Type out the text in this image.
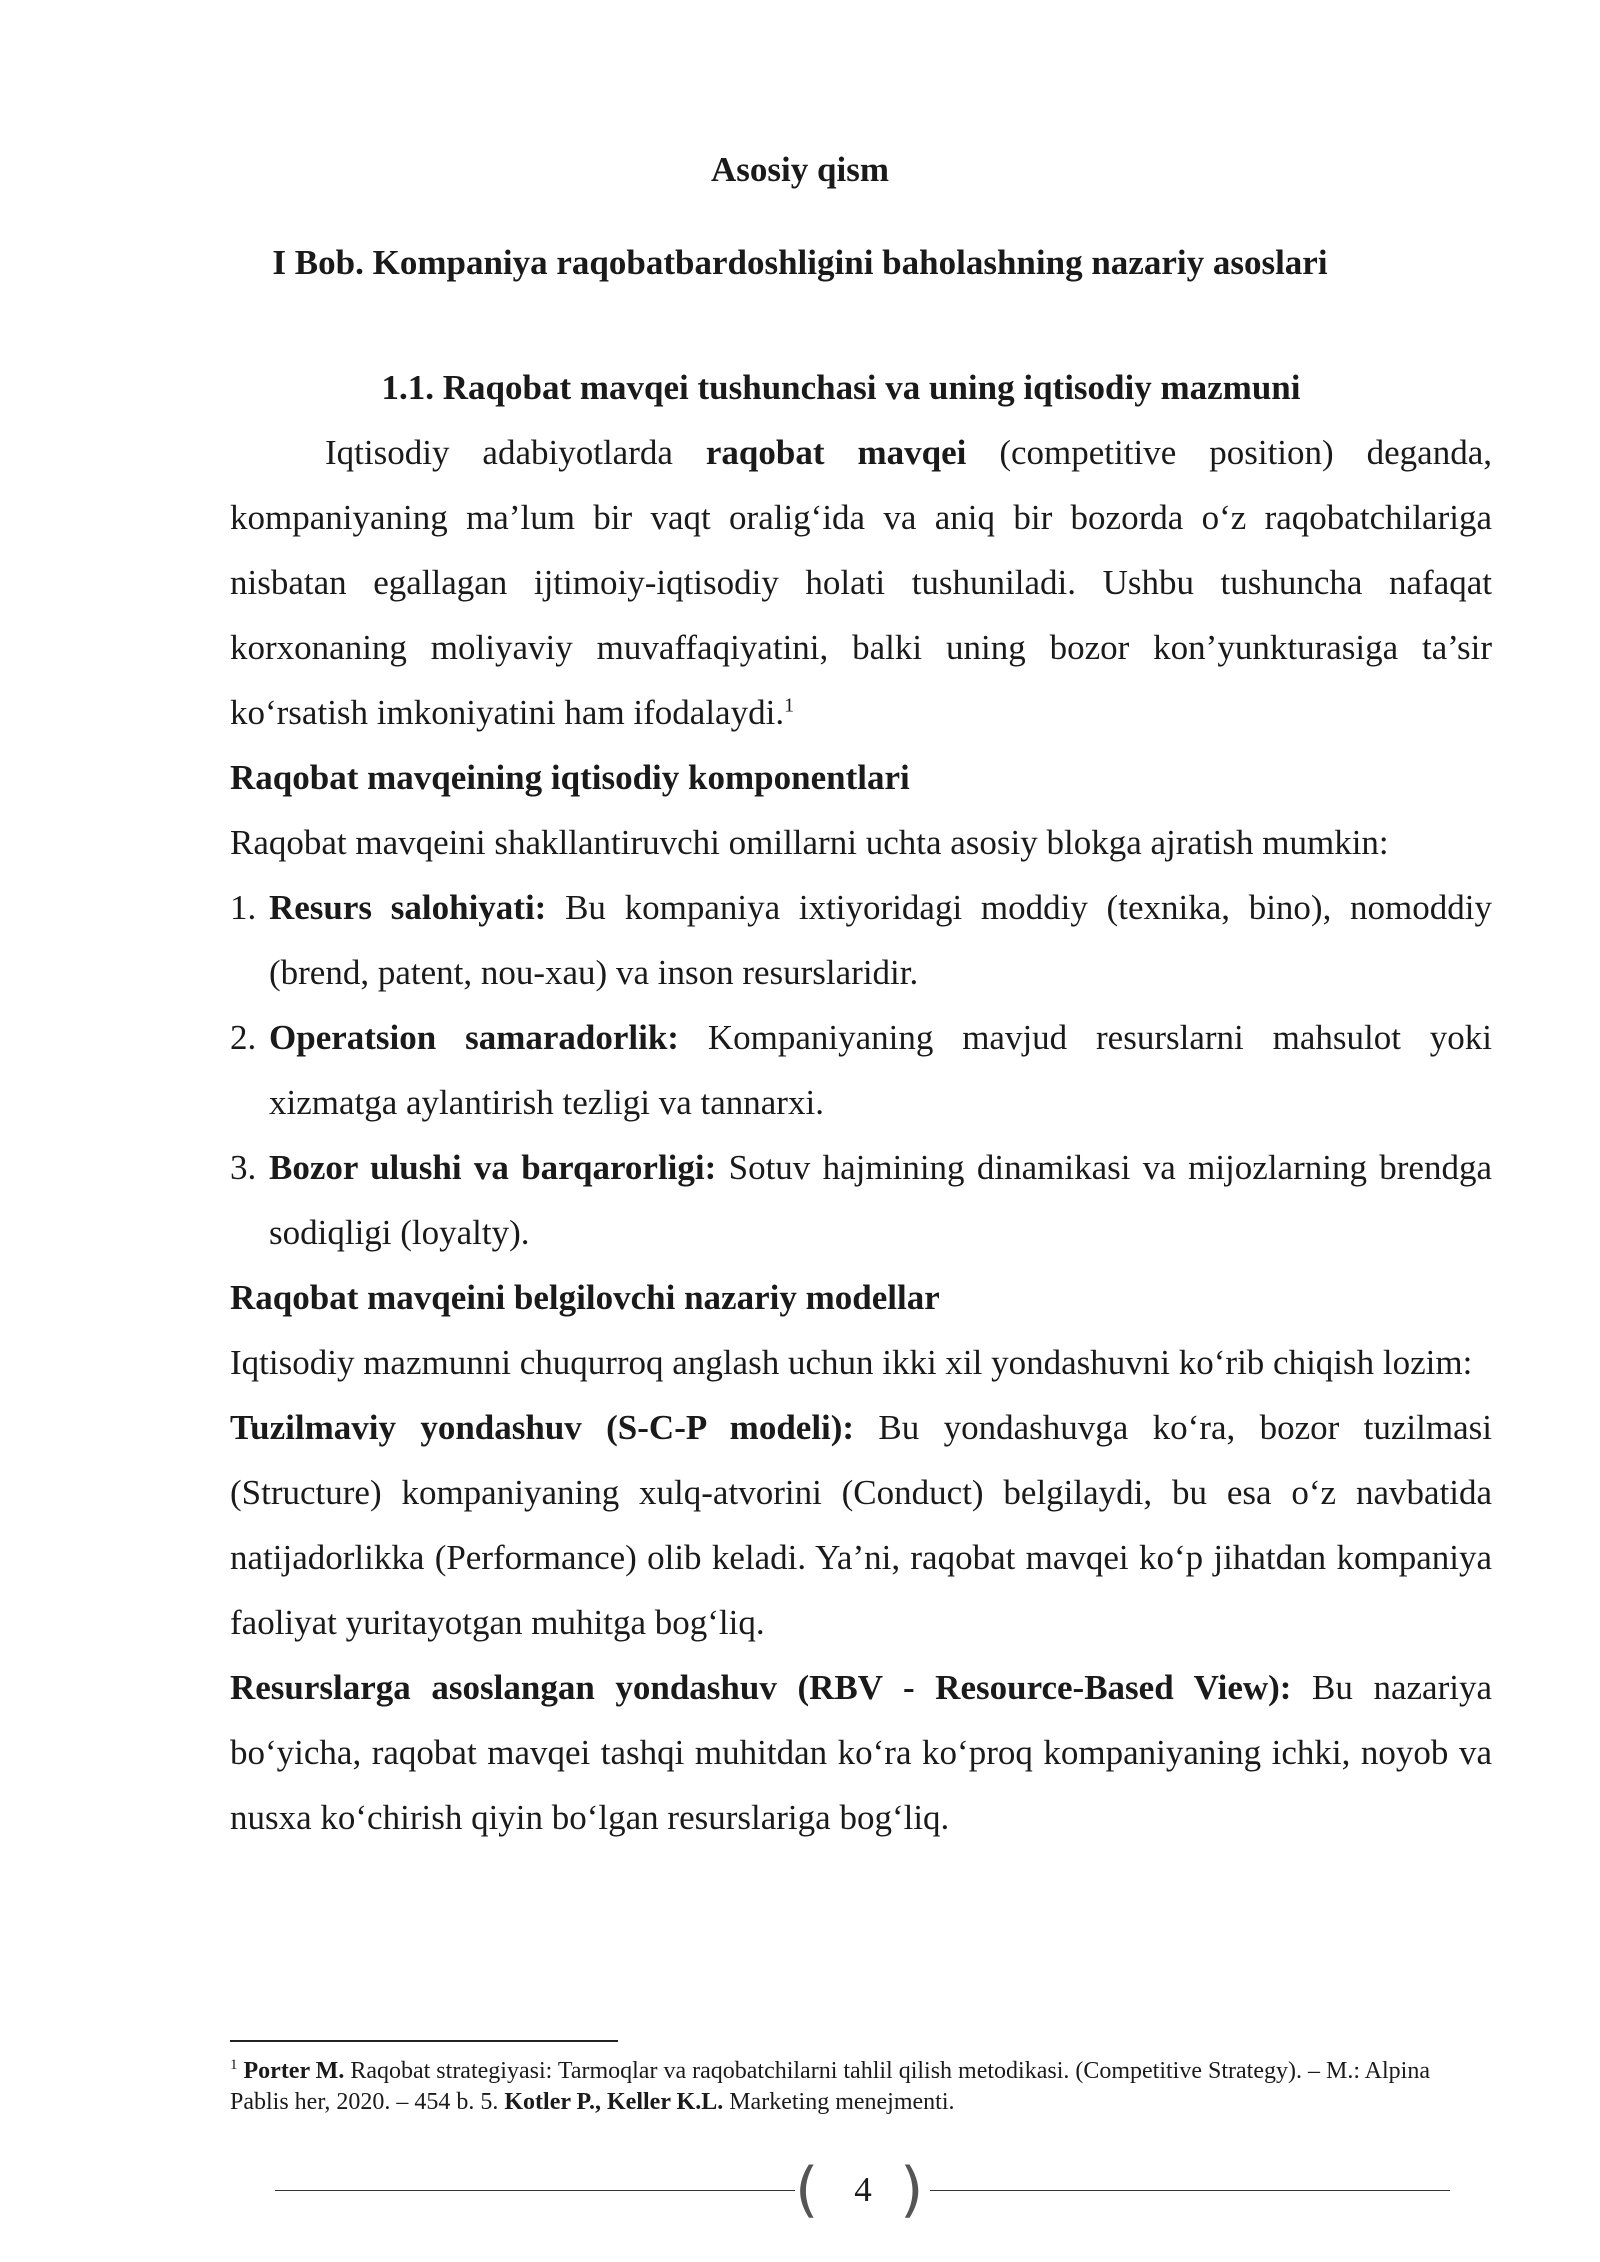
Asosiy qism
I Bob. Kompaniya raqobatbardoshligini baholashning nazariy asoslari

1.1. Raqobat mavqei tushunchasi va uning iqtisodiy mazmuni

Iqtisodiy adabiyotlarda raqobat mavqei (competitive position) deganda, kompaniyaning ma’lum bir vaqt oralig‘ida va aniq bir bozorda o‘z raqobatchilariga nisbatan egallagan ijtimoiy-iqtisodiy holati tushuniladi. Ushbu tushuncha nafaqat korxonaning moliyaviy muvaffaqiyatini, balki uning bozor kon’yunkturasiga ta’sir ko‘rsatish imkoniyatini ham ifodalaydi.$^1$

Raqobat mavqeining iqtisodiy komponentlari

Raqobat mavqeini shakllantiruvchi omillarni uchta asosiy blokga ajratish mumkin:

1. Resurs salohiyati: Bu kompaniya ixtiyoridagi moddiy (texnika, bino), nomoddiy (brend, patent, nou-xau) va inson resurslaridir.
2. Operatsion samaradorlik: Kompaniyaning mavjud resurslarni mahsulot yoki xizmatga aylantirish tezligi va tannarxi.
3. Bozor ulushi va barqarorligi: Sotuv hajmining dinamikasi va mijozlarning brendga sodiqligi (loyalty).

Raqobat mavqeini belgilovchi nazariy modellar

Iqtisodiy mazmunni chuqurroq anglash uchun ikki xil yondashuvni ko‘rib chiqish lozim:

Tuzilmaviy yondashuv (S-C-P modeli): Bu yondashuvga ko‘ra, bozor tuzilmasi (Structure) kompaniyaning xulq-atvorini (Conduct) belgilaydi, bu esa o‘z navbatida natijadorlikka (Performance) olib keladi. Ya’ni, raqobat mavqei ko‘p jihatdan kompaniya faoliyat yuritayotgan muhitga bog‘liq.

Resurslarga asoslangan yondashuv (RBV - Resource-Based View): Bu nazariya bo‘yicha, raqobat mavqei tashqi muhitdan ko‘ra ko‘proq kompaniyaning ichki, noyob va nusxa ko‘chirish qiyin bo‘lgan resurslariga bog‘liq.

$^1$ Porter M. Raqobat strategiyasi: Tarmoqlar va raqobatchilarni tahlil qilish metodikasi. (Competitive Strategy). – M.: Alpina Pablis her, 2020. – 454 b. 5. Kotler P., Keller K.L. Marketing menejmenti.
(	4 )
